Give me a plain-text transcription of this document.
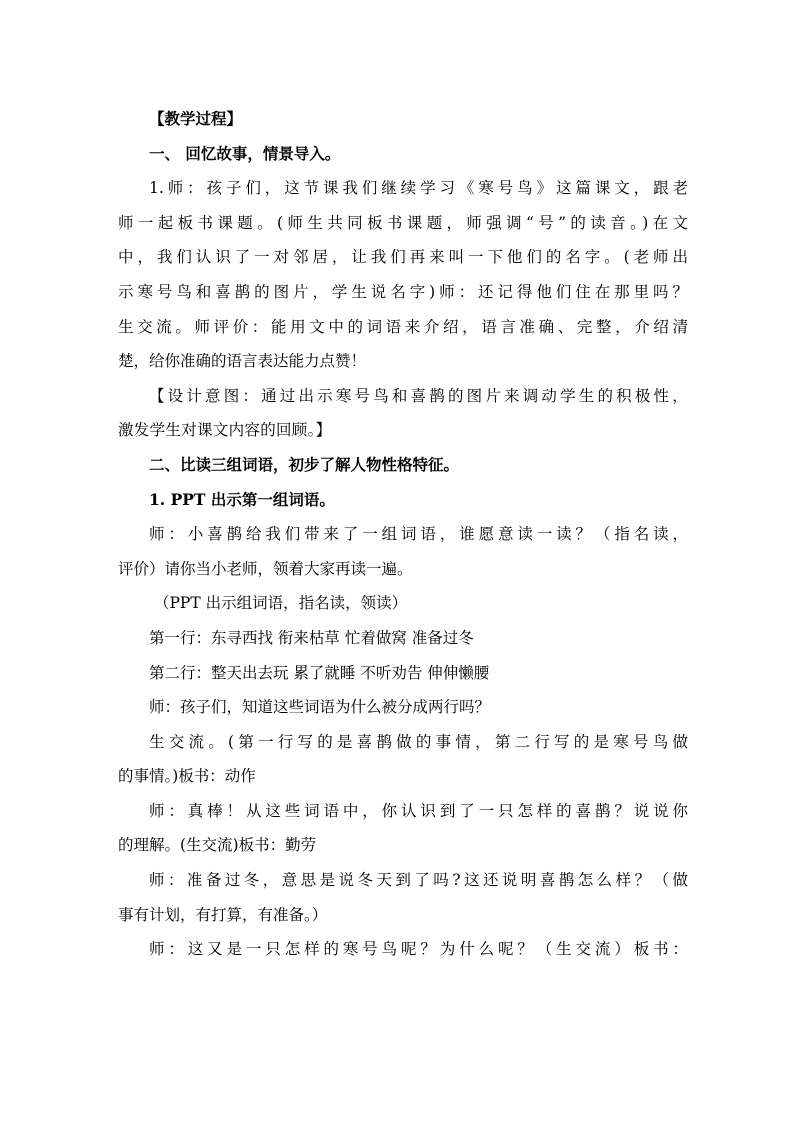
【教学过程】
一、 回忆故事，情景导入。
1.师：孩子们，这节课我们继续学习《寒号鸟》这篇课文，跟老
师一起板书课题。(师生共同板书课题，师强调“号”的读音。)在文
中，我们认识了一对邻居，让我们再来叫一下他们的名字。(老师出
示寒号鸟和喜鹊的图片，学生说名字)师：还记得他们住在那里吗？
生交流。师评价：能用文中的词语来介绍，语言准确、完整，介绍清
楚，给你准确的语言表达能力点赞！
【设计意图：通过出示寒号鸟和喜鹊的图片来调动学生的积极性，
激发学生对课文内容的回顾。】
二、比读三组词语，初步了解人物性格特征。
1. PPT 出示第一组词语。
师：小喜鹊给我们带来了一组词语，谁愿意读一读？（指名读，
评价）请你当小老师，领着大家再读一遍。
（PPT 出示组词语，指名读，领读）
第一行：东寻西找 衔来枯草 忙着做窝 准备过冬
第二行：整天出去玩 累了就睡 不听劝告 伸伸懒腰
师：孩子们，知道这些词语为什么被分成两行吗？
生交流。(第一行写的是喜鹊做的事情，第二行写的是寒号鸟做
的事情。)板书：动作
师：真棒！从这些词语中，你认识到了一只怎样的喜鹊？说说你
的理解。(生交流)板书：勤劳
师：准备过冬，意思是说冬天到了吗?这还说明喜鹊怎么样？（做
事有计划，有打算，有准备。）
师：这又是一只怎样的寒号鸟呢？为什么呢？（生交流）板书：
